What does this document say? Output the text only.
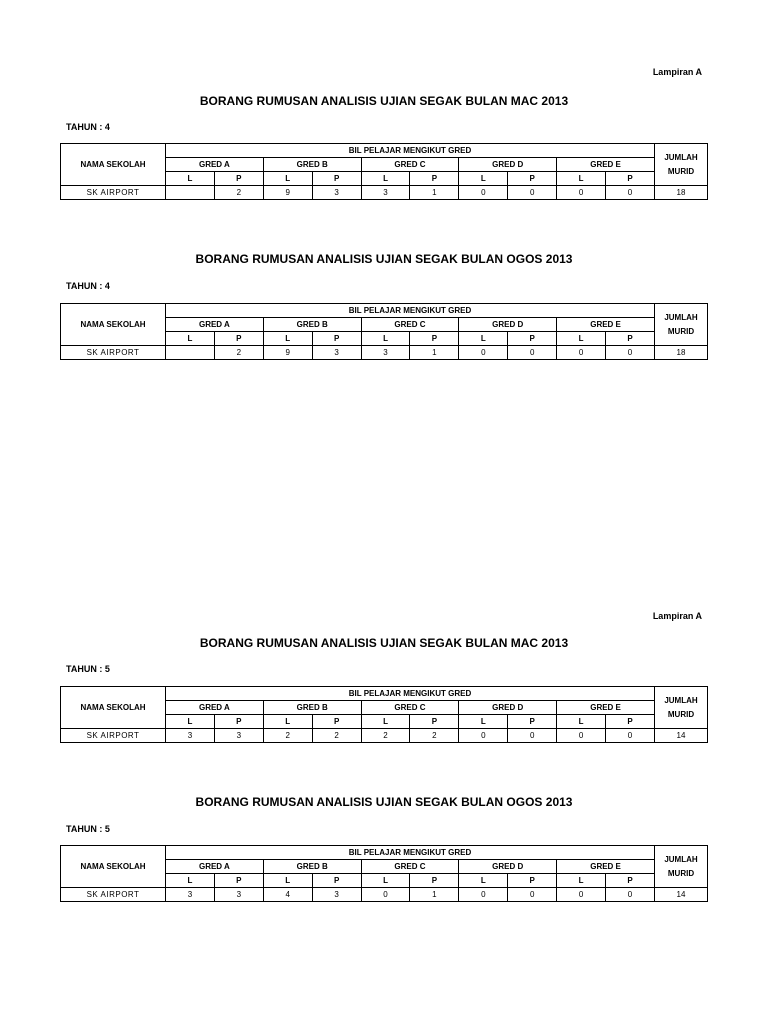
Lampiran A
BORANG RUMUSAN ANALISIS UJIAN SEGAK BULAN MAC 2013
TAHUN : 4
NAMA SEKOLAH	BIL PELAJAR MENGIKUT GRED										JUMLAH
MURID
	GRED A		GRED B		GRED C		GRED D		GRED E		
	L	P	L	P	L	P	L	P	L	P	
SK AIRPORT		2	9	3	3	1	0	0	0	0	18
BORANG RUMUSAN ANALISIS UJIAN SEGAK BULAN OGOS 2013
TAHUN : 4
NAMA SEKOLAH	BIL PELAJAR MENGIKUT GRED										JUMLAH
MURID
	GRED A		GRED B		GRED C		GRED D		GRED E		
	L	P	L	P	L	P	L	P	L	P	
SK AIRPORT		2	9	3	3	1	0	0	0	0	18
Lampiran A
BORANG RUMUSAN ANALISIS UJIAN SEGAK BULAN MAC 2013
TAHUN : 5
NAMA SEKOLAH	BIL PELAJAR MENGIKUT GRED										JUMLAH
MURID
	GRED A		GRED B		GRED C		GRED D		GRED E		
	L	P	L	P	L	P	L	P	L	P	
SK AIRPORT	3	3	2	2	2	2	0	0	0	0	14
BORANG RUMUSAN ANALISIS UJIAN SEGAK BULAN OGOS 2013
TAHUN : 5
NAMA SEKOLAH	BIL PELAJAR MENGIKUT GRED										JUMLAH
MURID
	GRED A		GRED B		GRED C		GRED D		GRED E		
	L	P	L	P	L	P	L	P	L	P	
SK AIRPORT	3	3	4	3	0	1	0	0	0	0	14
